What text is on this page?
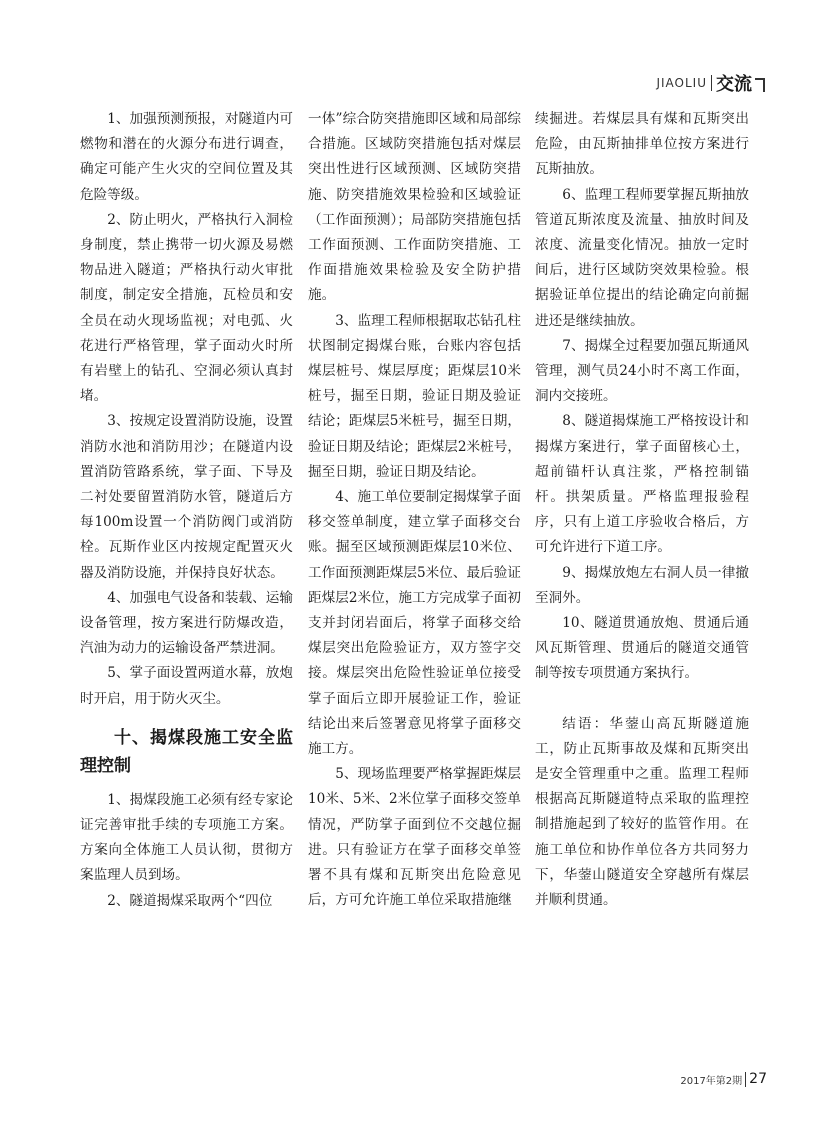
JIAOLIU 交流

1、加强预测预报，对隧道内可燃物和潜在的火源分布进行调查，确定可能产生火灾的空间位置及其危险等级。

2、防止明火，严格执行入洞检身制度，禁止携带一切火源及易燃物品进入隧道；严格执行动火审批制度，制定安全措施，瓦检员和安全员在动火现场监视；对电弧、火花进行严格管理，掌子面动火时所有岩壁上的钻孔、空洞必须认真封堵。

3、按规定设置消防设施，设置消防水池和消防用沙；在隧道内设置消防管路系统，掌子面、下导及二衬处要留置消防水管，隧道后方每100m设置一个消防阀门或消防栓。瓦斯作业区内按规定配置灭火器及消防设施，并保持良好状态。

4、加强电气设备和装载、运输设备管理，按方案进行防爆改造，汽油为动力的运输设备严禁进洞。

5、掌子面设置两道水幕，放炮时开启，用于防火灭尘。

十、揭煤段施工安全监理控制

1、揭煤段施工必须有经专家论证完善审批手续的专项施工方案。方案向全体施工人员认彻，贯彻方案监理人员到场。

2、隧道揭煤采取两个“四位

一体”综合防突措施即区域和局部综合措施。区域防突措施包括对煤层突出性进行区域预测、区域防突措施、防突措施效果检验和区域验证（工作面预测）；局部防突措施包括工作面预测、工作面防突措施、工作面措施效果检验及安全防护措施。

3、监理工程师根据取芯钻孔柱状图制定揭煤台账，台账内容包括煤层桩号、煤层厚度；距煤层10米桩号，掘至日期，验证日期及验证结论；距煤层5米桩号，掘至日期，验证日期及结论；距煤层2米桩号，掘至日期，验证日期及结论。

4、施工单位要制定揭煤掌子面移交签单制度，建立掌子面移交台账。掘至区域预测距煤层10米位、工作面预测距煤层5米位、最后验证距煤层2米位，施工方完成掌子面初支并封闭岩面后，将掌子面移交给煤层突出危险验证方，双方签字交接。煤层突出危险性验证单位接受掌子面后立即开展验证工作，验证结论出来后签署意见将掌子面移交施工方。

5、现场监理要严格掌握距煤层10米、5米、2米位掌子面移交签单情况，严防掌子面到位不交越位掘进。只有验证方在掌子面移交单签署不具有煤和瓦斯突出危险意见后，方可允许施工单位采取措施继

续掘进。若煤层具有煤和瓦斯突出危险，由瓦斯抽排单位按方案进行瓦斯抽放。

6、监理工程师要掌握瓦斯抽放管道瓦斯浓度及流量、抽放时间及浓度、流量变化情况。抽放一定时间后，进行区域防突效果检验。根据验证单位提出的结论确定向前掘进还是继续抽放。

7、揭煤全过程要加强瓦斯通风管理，测气员24小时不离工作面，洞内交接班。

8、隧道揭煤施工严格按设计和揭煤方案进行，掌子面留核心土，超前锚杆认真注浆，严格控制锚杆。拱架质量。严格监理报验程序，只有上道工序验收合格后，方可允许进行下道工序。

9、揭煤放炮左右洞人员一律撤至洞外。

10、隧道贯通放炮、贯通后通风瓦斯管理、贯通后的隧道交通管制等按专项贯通方案执行。

结语：华蓥山高瓦斯隧道施工，防止瓦斯事故及煤和瓦斯突出是安全管理重中之重。监理工程师根据高瓦斯隧道特点采取的监理控制措施起到了较好的监管作用。在施工单位和协作单位各方共同努力下，华蓥山隧道安全穿越所有煤层并顺利贯通。

2017年第2期 27
